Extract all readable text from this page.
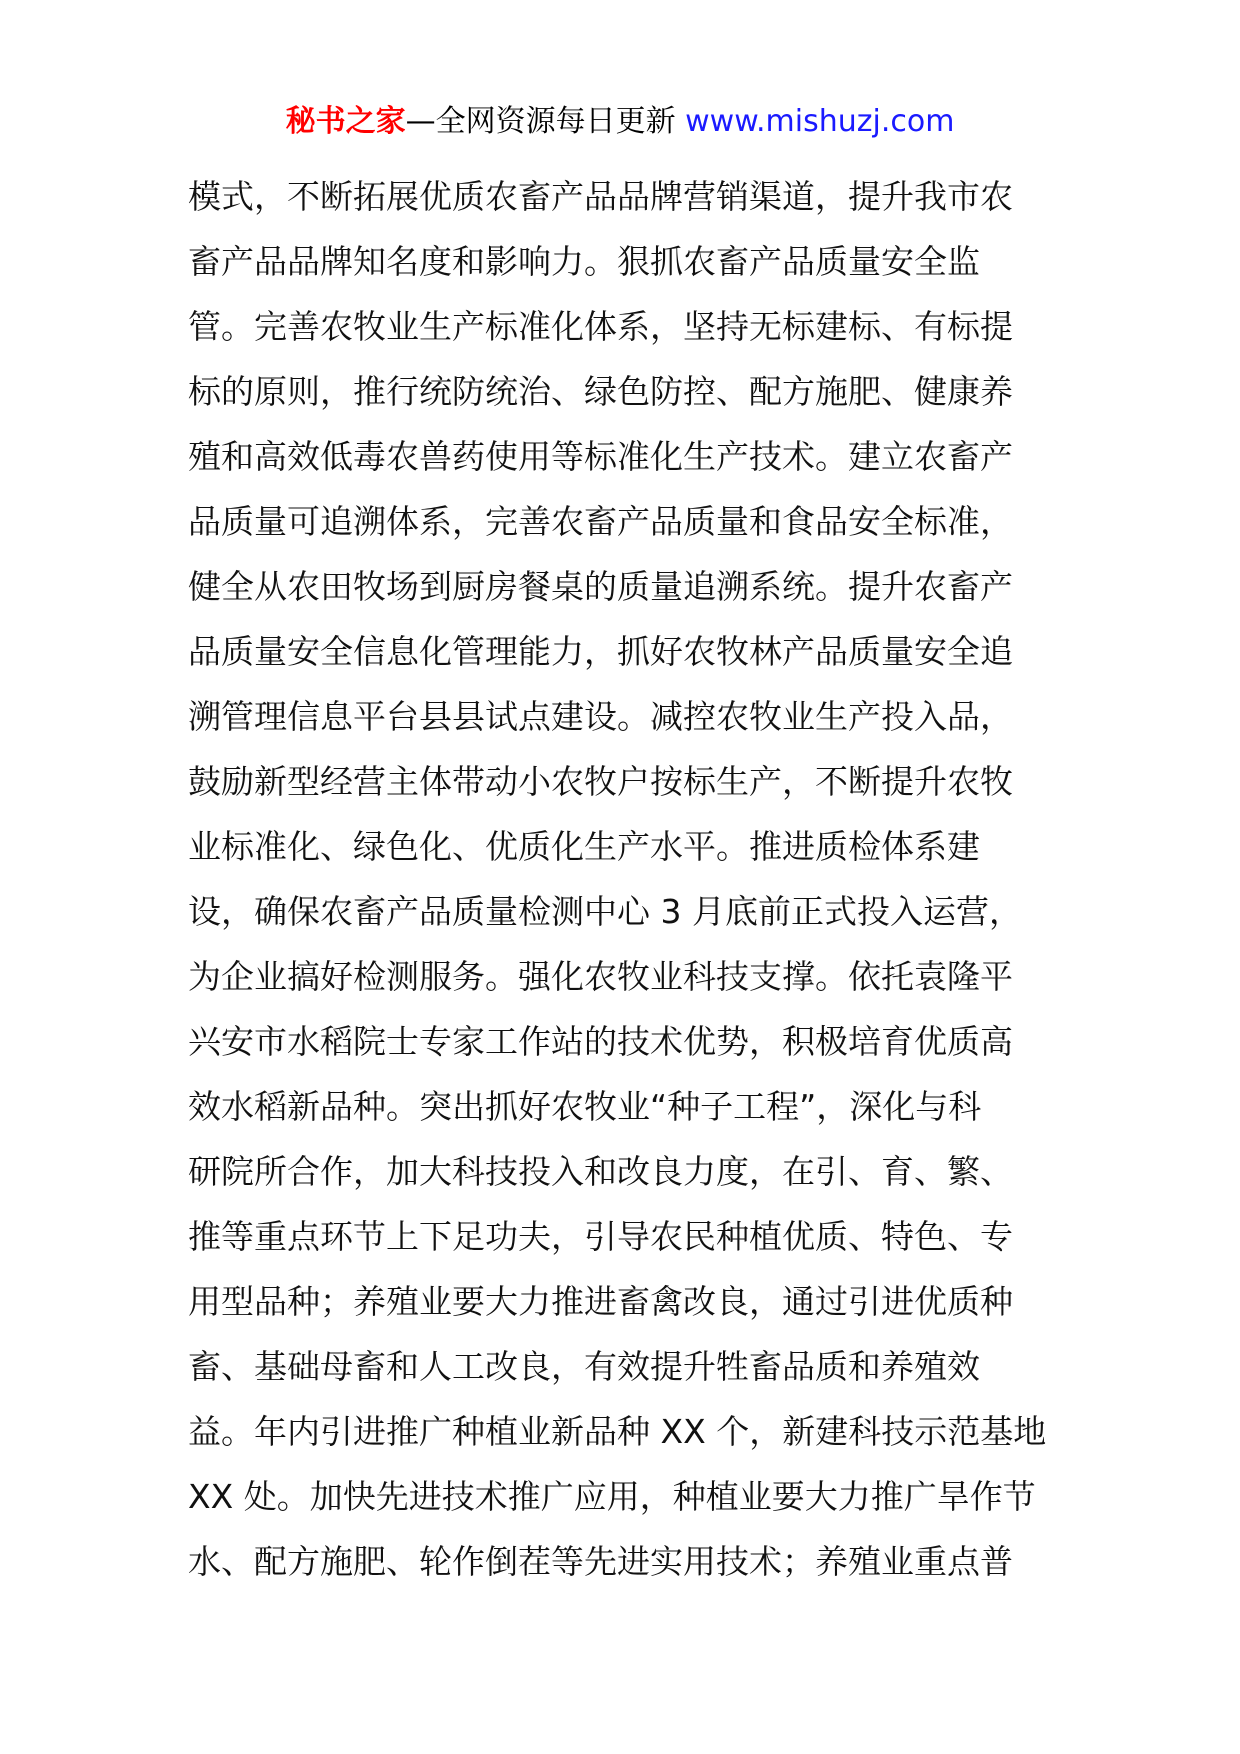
秘书之家—全网资源每日更新 www.mishuzj.com
模式，不断拓展优质农畜产品品牌营销渠道，提升我市农
畜产品品牌知名度和影响力。狠抓农畜产品质量安全监
管。完善农牧业生产标准化体系，坚持无标建标、有标提
标的原则，推行统防统治、绿色防控、配方施肥、健康养
殖和高效低毒农兽药使用等标准化生产技术。建立农畜产
品质量可追溯体系，完善农畜产品质量和食品安全标准，
健全从农田牧场到厨房餐桌的质量追溯系统。提升农畜产
品质量安全信息化管理能力，抓好农牧林产品质量安全追
溯管理信息平台县县试点建设。减控农牧业生产投入品，
鼓励新型经营主体带动小农牧户按标生产，不断提升农牧
业标准化、绿色化、优质化生产水平。推进质检体系建
设，确保农畜产品质量检测中心 3 月底前正式投入运营，
为企业搞好检测服务。强化农牧业科技支撑。依托袁隆平
兴安市水稻院士专家工作站的技术优势，积极培育优质高
效水稻新品种。突出抓好农牧业“种子工程”，深化与科
研院所合作，加大科技投入和改良力度，在引、育、繁、
推等重点环节上下足功夫，引导农民种植优质、特色、专
用型品种；养殖业要大力推进畜禽改良，通过引进优质种
畜、基础母畜和人工改良，有效提升牲畜品质和养殖效
益。年内引进推广种植业新品种 XX 个，新建科技示范基地
XX 处。加快先进技术推广应用，种植业要大力推广旱作节
水、配方施肥、轮作倒茬等先进实用技术；养殖业重点普
